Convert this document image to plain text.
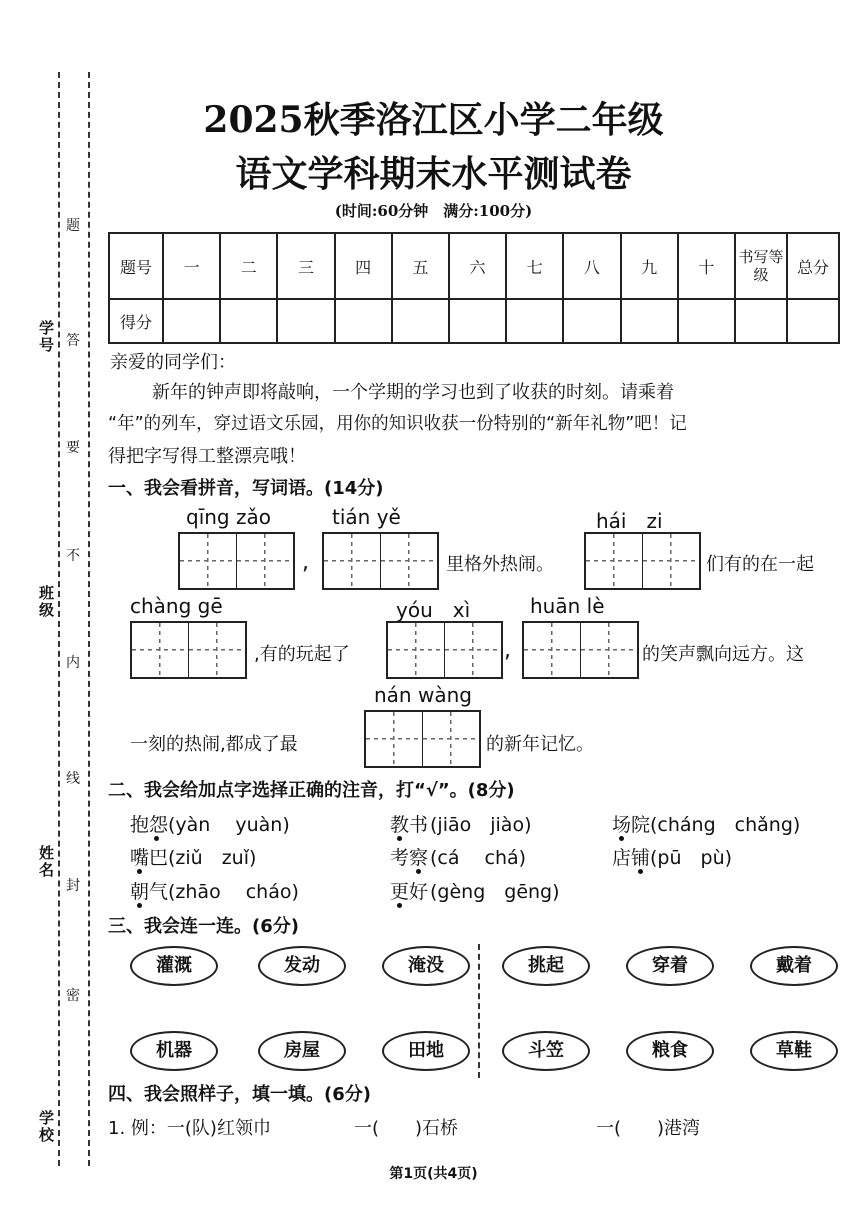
学号
班级
姓名
学校
题
答
要
不
内
线
封
密
2025秋季洛江区小学二年级
语文学科期末水平测试卷
(时间:60分钟　满分:100分)
题号	一	二	三	四	五	六	七	八	九	十	书写等级	总分
得分												
亲爱的同学们：
新年的钟声即将敲响，一个学期的学习也到了收获的时刻。请乘着
“年”的列车，穿过语文乐园，用你的知识收获一份特别的“新年礼物”吧！记
得把字写得工整漂亮哦！
一、我会看拼音，写词语。(14分)
qīng zǎo	tián yě	hái　zi
,	里格外热闹。	们有的在一起
chàng gē	yóu　xì	huān lè
,有的玩起了	,	的笑声飘向远方。这
nán wàng
一刻的热闹,都成了最	的新年记忆。
二、我会给加点字选择正确的注音，打“√”。(8分)
抱怨 (yàn　 yuàn)	教书 (jiāo　jiào)	场院 (cháng　chǎng)
嘴巴 (ziǔ　zuǐ)	考察 (cá　 chá)	店铺 (pū　pù)
朝气 (zhāo　 cháo)	更好 (gèng　gēng)
三、我会连一连。(6分)
灌溉	发动	淹没	挑起	穿着	戴着
机器	房屋	田地	斗笠	粮食	草鞋
四、我会照样子，填一填。(6分)
1. 例：一(队)红领巾	一(　　)石桥	一(　　)港湾
第1页(共4页)
